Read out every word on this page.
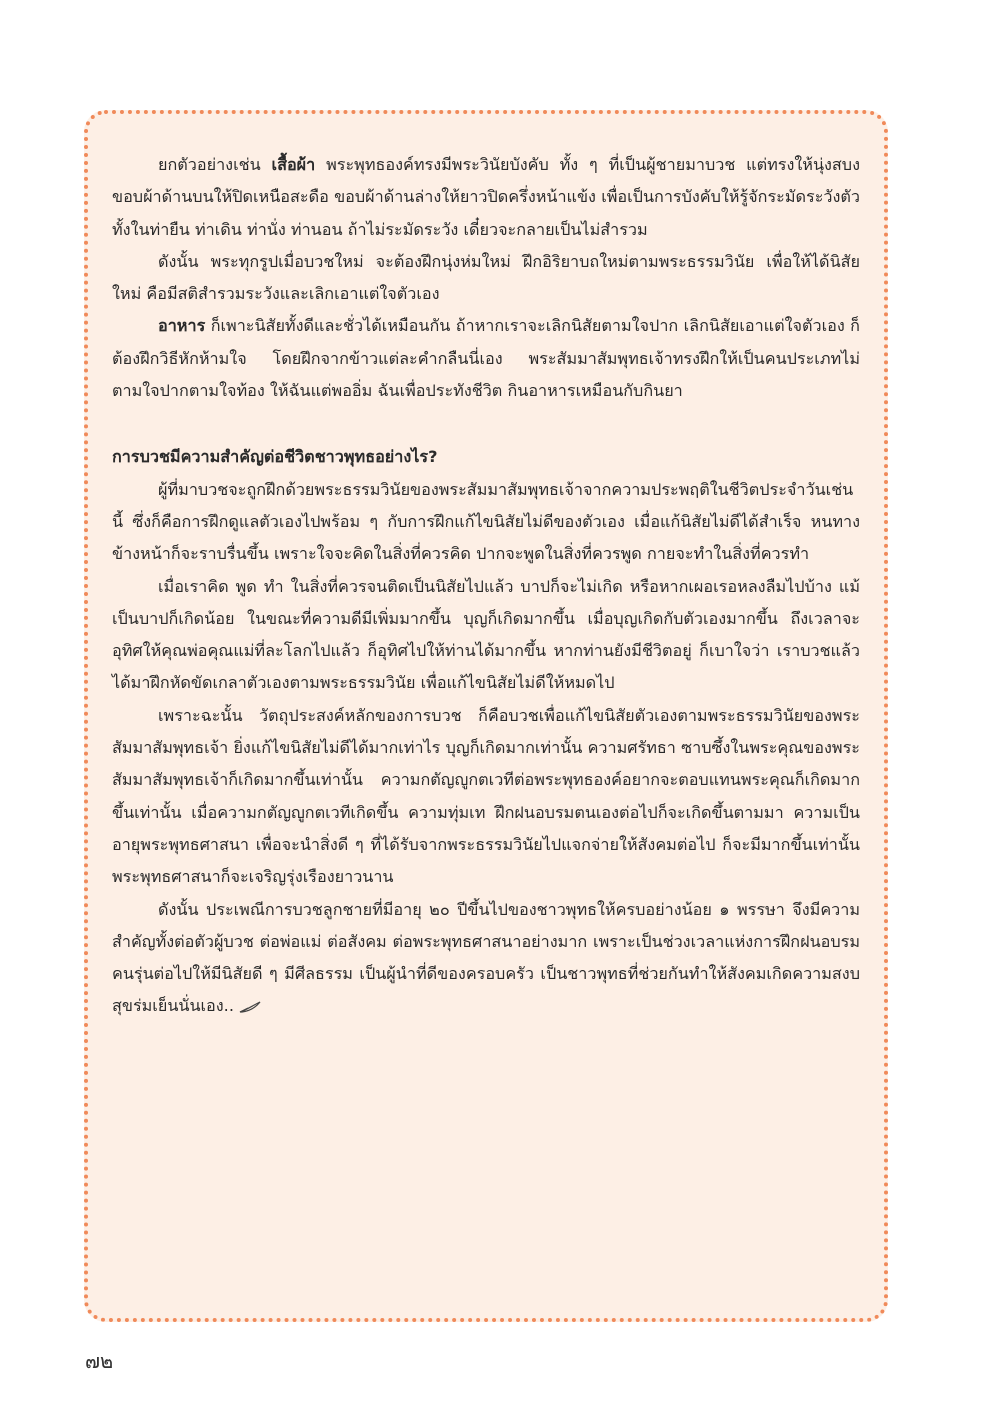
ยกตัวอย่างเช่น เสื้อผ้า พระพุทธองค์ทรงมีพระวินัยบังคับ ทั้ง ๆ ที่เป็นผู้ชายมาบวช แต่ทรงให้นุ่งสบง ขอบผ้าด้านบนให้ปิดเหนือสะดือ ขอบผ้าด้านล่างให้ยาวปิดครึ่งหน้าแข้ง เพื่อเป็นการบังคับให้รู้จักระมัดระวังตัว ทั้งในท่ายืน ท่าเดิน ท่านั่ง ท่านอน ถ้าไม่ระมัดระวัง เดี๋ยวจะกลายเป็นไม่สำรวม

ดังนั้น พระทุกรูปเมื่อบวชใหม่ จะต้องฝึกนุ่งห่มใหม่ ฝึกอิริยาบถใหม่ตามพระธรรมวินัย เพื่อให้ได้นิสัยใหม่ คือมีสติสำรวมระวังและเลิกเอาแต่ใจตัวเอง

อาหาร ก็เพาะนิสัยทั้งดีและชั่วได้เหมือนกัน ถ้าหากเราจะเลิกนิสัยตามใจปาก เลิกนิสัยเอาแต่ใจตัวเอง ก็ต้องฝึกวิธีหักห้ามใจ โดยฝึกจากข้าวแต่ละคำกลืนนี่เอง พระสัมมาสัมพุทธเจ้าทรงฝึกให้เป็นคนประเภทไม่ตามใจปากตามใจท้อง ให้ฉันแต่พออิ่ม ฉันเพื่อประทังชีวิต กินอาหารเหมือนกับกินยา

การบวชมีความสำคัญต่อชีวิตชาวพุทธอย่างไร?

ผู้ที่มาบวชจะถูกฝึกด้วยพระธรรมวินัยของพระสัมมาสัมพุทธเจ้าจากความประพฤติในชีวิตประจำวันเช่นนี้ ซึ่งก็คือการฝึกดูแลตัวเองไปพร้อม ๆ กับการฝึกแก้ไขนิสัยไม่ดีของตัวเอง เมื่อแก้นิสัยไม่ดีได้สำเร็จ หนทางข้างหน้าก็จะราบรื่นขึ้น เพราะใจจะคิดในสิ่งที่ควรคิด ปากจะพูดในสิ่งที่ควรพูด กายจะทำในสิ่งที่ควรทำ

เมื่อเราคิด พูด ทำ ในสิ่งที่ควรจนติดเป็นนิสัยไปแล้ว บาปก็จะไม่เกิด หรือหากเผอเรอหลงลืมไปบ้าง แม้เป็นบาปก็เกิดน้อย ในขณะที่ความดีมีเพิ่มมากขึ้น บุญก็เกิดมากขึ้น เมื่อบุญเกิดกับตัวเองมากขึ้น ถึงเวลาจะอุทิศให้คุณพ่อคุณแม่ที่ละโลกไปแล้ว ก็อุทิศไปให้ท่านได้มากขึ้น หากท่านยังมีชีวิตอยู่ ก็เบาใจว่า เราบวชแล้วได้มาฝึกหัดขัดเกลาตัวเองตามพระธรรมวินัย เพื่อแก้ไขนิสัยไม่ดีให้หมดไป

เพราะฉะนั้น วัตถุประสงค์หลักของการบวช ก็คือบวชเพื่อแก้ไขนิสัยตัวเองตามพระธรรมวินัยของพระสัมมาสัมพุทธเจ้า ยิ่งแก้ไขนิสัยไม่ดีได้มากเท่าไร บุญก็เกิดมากเท่านั้น ความศรัทธา ซาบซึ้งในพระคุณของพระสัมมาสัมพุทธเจ้าก็เกิดมากขึ้นเท่านั้น ความกตัญญูกตเวทีต่อพระพุทธองค์อยากจะตอบแทนพระคุณก็เกิดมากขึ้นเท่านั้น เมื่อความกตัญญูกตเวทีเกิดขึ้น ความทุ่มเท ฝึกฝนอบรมตนเองต่อไปก็จะเกิดขึ้นตามมา ความเป็นอายุพระพุทธศาสนา เพื่อจะนำสิ่งดี ๆ ที่ได้รับจากพระธรรมวินัยไปแจกจ่ายให้สังคมต่อไป ก็จะมีมากขึ้นเท่านั้น พระพุทธศาสนาก็จะเจริญรุ่งเรืองยาวนาน

ดังนั้น ประเพณีการบวชลูกชายที่มีอายุ ๒๐ ปีขึ้นไปของชาวพุทธให้ครบอย่างน้อย ๑ พรรษา จึงมีความสำคัญทั้งต่อตัวผู้บวช ต่อพ่อแม่ ต่อสังคม ต่อพระพุทธศาสนาอย่างมาก เพราะเป็นช่วงเวลาแห่งการฝึกฝนอบรมคนรุ่นต่อไปให้มีนิสัยดี ๆ มีศีลธรรม เป็นผู้นำที่ดีของครอบครัว เป็นชาวพุทธที่ช่วยกันทำให้สังคมเกิดความสงบสุขร่มเย็นนั่นเอง..

๗๒
